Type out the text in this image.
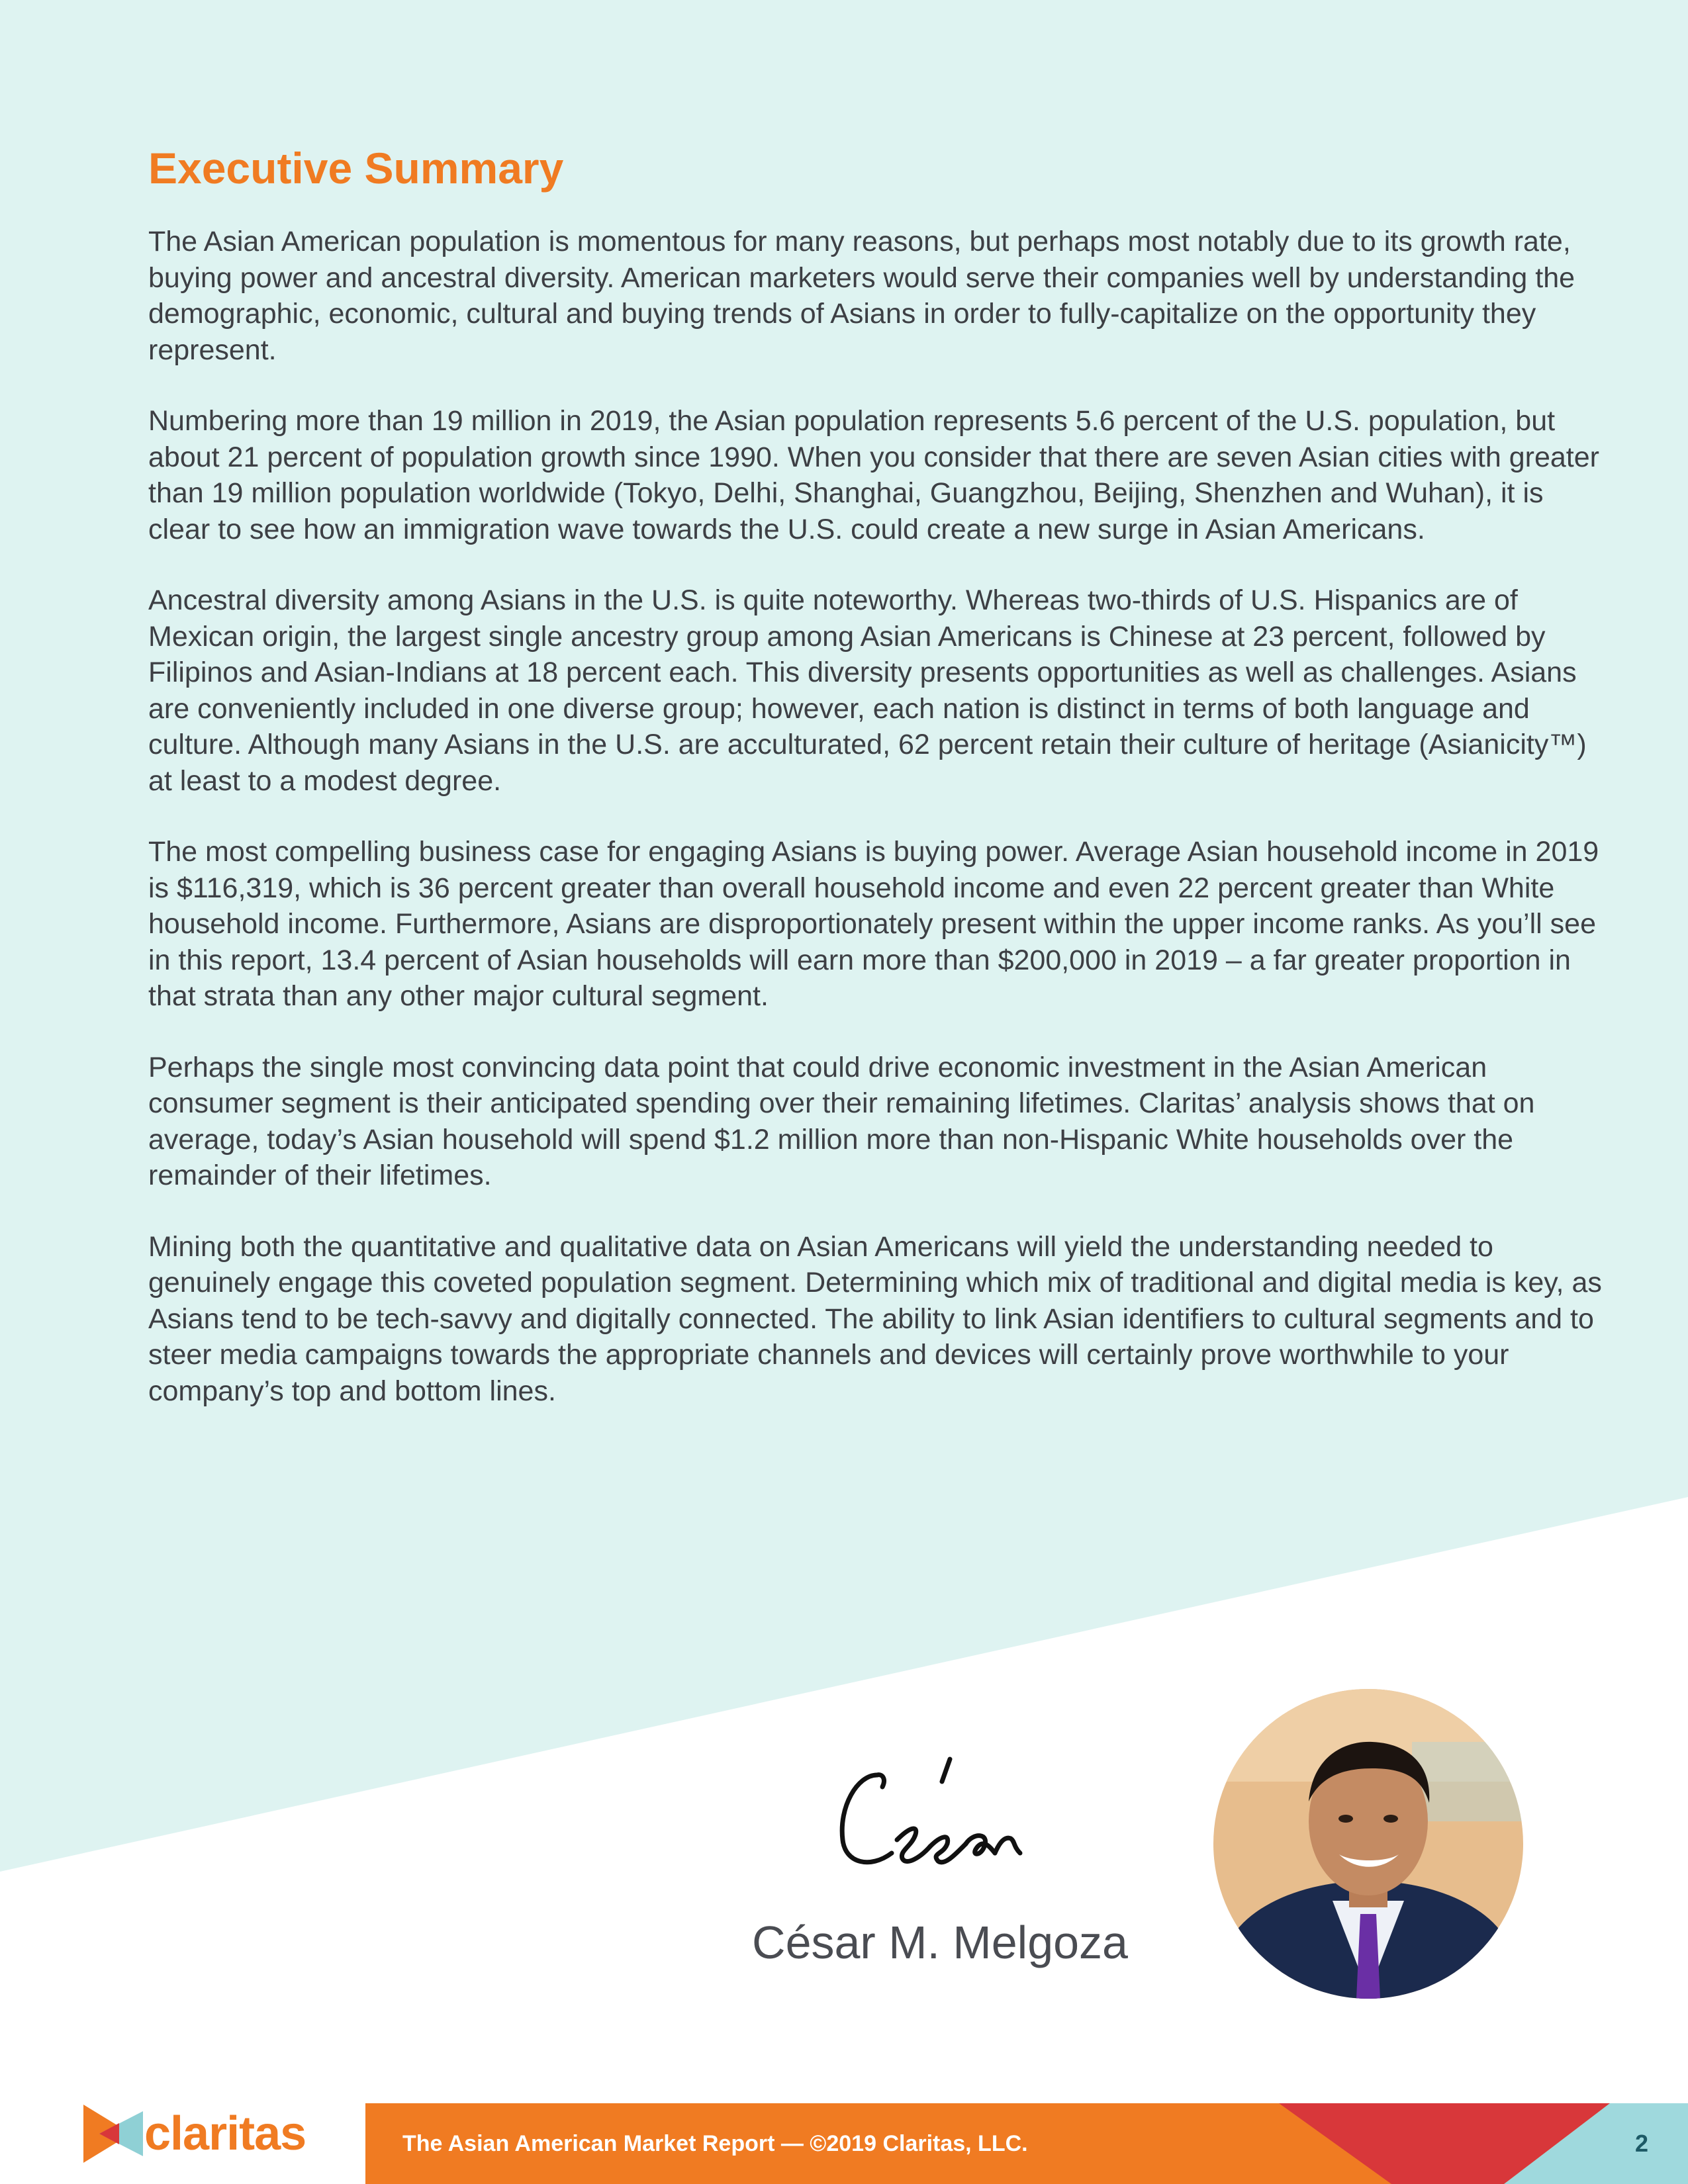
Executive Summary

The Asian American population is momentous for many reasons, but perhaps most notably due to its growth rate, buying power and ancestral diversity. American marketers would serve their companies well by understanding the demographic, economic, cultural and buying trends of Asians in order to fully-capitalize on the opportunity they represent.

Numbering more than 19 million in 2019, the Asian population represents 5.6 percent of the U.S. population, but about 21 percent of population growth since 1990. When you consider that there are seven Asian cities with greater than 19 million population worldwide (Tokyo, Delhi, Shanghai, Guangzhou, Beijing, Shenzhen and Wuhan), it is clear to see how an immigration wave towards the U.S. could create a new surge in Asian Americans.

Ancestral diversity among Asians in the U.S. is quite noteworthy. Whereas two-thirds of U.S. Hispanics are of Mexican origin, the largest single ancestry group among Asian Americans is Chinese at 23 percent, followed by Filipinos and Asian-Indians at 18 percent each. This diversity presents opportunities as well as challenges. Asians are conveniently included in one diverse group; however, each nation is distinct in terms of both language and culture. Although many Asians in the U.S. are acculturated, 62 percent retain their culture of heritage (Asianicity™) at least to a modest degree.

The most compelling business case for engaging Asians is buying power. Average Asian household income in 2019 is $116,319, which is 36 percent greater than overall household income and even 22 percent greater than White household income. Furthermore, Asians are disproportionately present within the upper income ranks. As you’ll see in this report, 13.4 percent of Asian households will earn more than $200,000 in 2019 – a far greater proportion in that strata than any other major cultural segment.

Perhaps the single most convincing data point that could drive economic investment in the Asian American consumer segment is their anticipated spending over their remaining lifetimes. Claritas’ analysis shows that on average, today’s Asian household will spend $1.2 million more than non-Hispanic White households over the remainder of their lifetimes.

Mining both the quantitative and qualitative data on Asian Americans will yield the understanding needed to genuinely engage this coveted population segment. Determining which mix of traditional and digital media is key, as Asians tend to be tech-savvy and digitally connected. The ability to link Asian identifiers to cultural segments and to steer media campaigns towards the appropriate channels and devices will certainly prove worthwhile to your company’s top and bottom lines.

César M. Melgoza
claritas	The Asian American Market Report — ©2019 Claritas, LLC.	2
